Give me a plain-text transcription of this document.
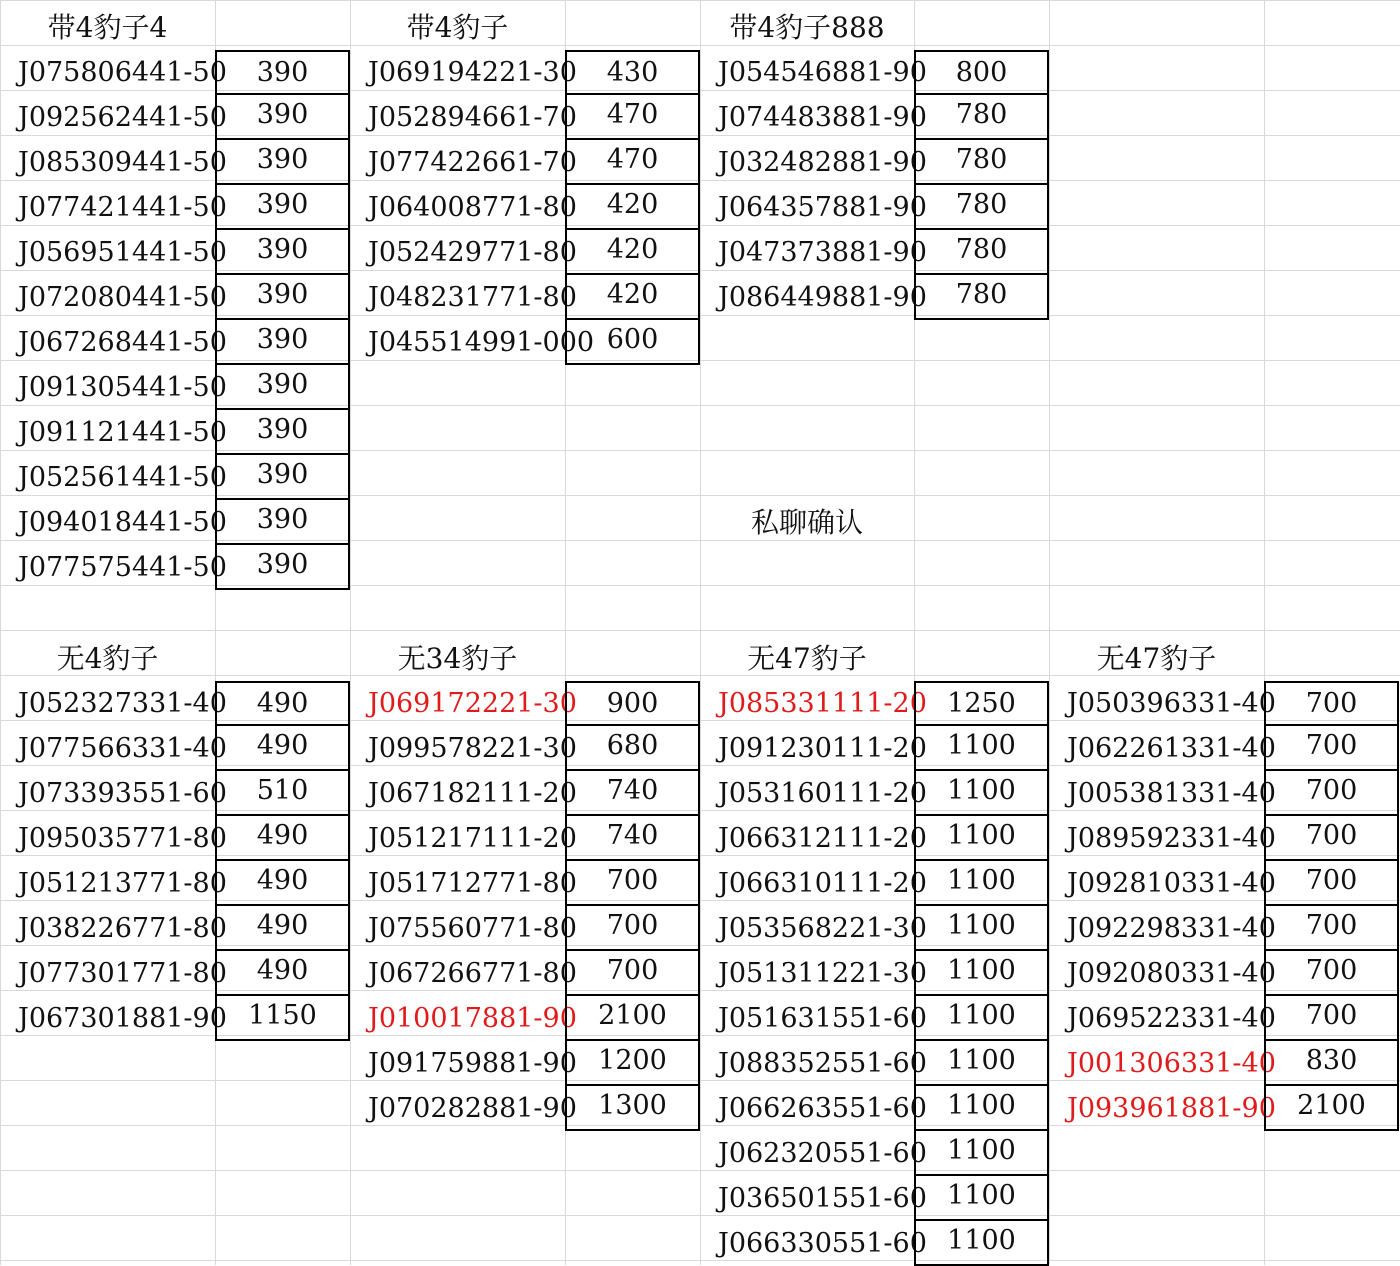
私聊确认
带4豹子4
J075806441-50	390
J092562441-50	390
J085309441-50	390
J077421441-50	390
J056951441-50	390
J072080441-50	390
J067268441-50	390
J091305441-50	390
J091121441-50	390
J052561441-50	390
J094018441-50	390
J077575441-50	390
带4豹子
J069194221-30	430
J052894661-70	470
J077422661-70	470
J064008771-80	420
J052429771-80	420
J048231771-80	420
J045514991-000 600
带4豹子888
J054546881-90	800
J074483881-90	780
J032482881-90	780
J064357881-90	780
J047373881-90	780
J086449881-90	780
无4豹子
J052327331-40	490
J077566331-40	490
J073393551-60	510
J095035771-80	490
J051213771-80	490
J038226771-80	490
J077301771-80	490
J067301881-90 1150
无34豹子
J069172221-30	900
J099578221-30	680
J067182111-20	740
J051217111-20	740
J051712771-80	700
J075560771-80	700
J067266771-80	700
J010017881-90 2100
J091759881-90 1200
J070282881-90 1300
无47豹子
J085331111-20 1250
J091230111-20 1100
J053160111-20 1100
J066312111-20 1100
J066310111-20 1100
J053568221-30 1100
J051311221-30 1100
J051631551-60 1100
J088352551-60 1100
J066263551-60 1100
J062320551-60 1100
J036501551-60 1100
J066330551-60 1100
无47豹子
J050396331-40	700
J062261331-40	700
J005381331-40	700
J089592331-40	700
J092810331-40	700
J092298331-40	700
J092080331-40	700
J069522331-40	700
J001306331-40	830
J093961881-90 2100
